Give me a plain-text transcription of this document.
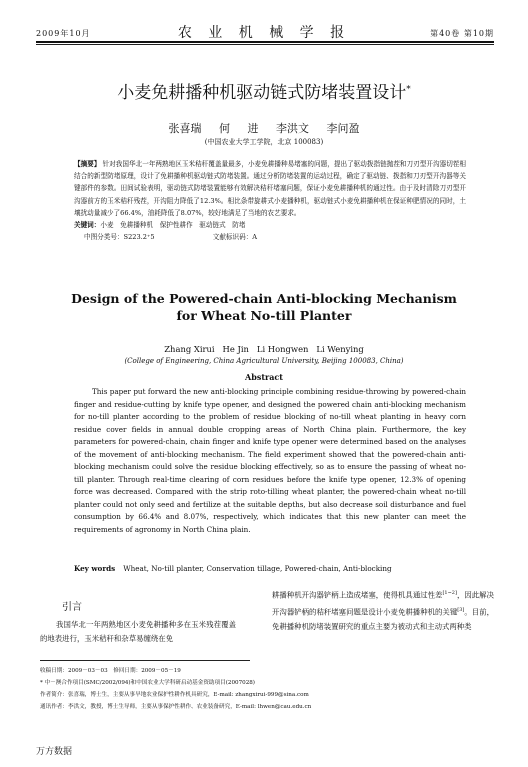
2009年10月	农 业 机 械 学 报	第40卷 第10期
小麦免耕播种机驱动链式防堵装置设计*
张喜瑞 何 进 李洪文 李问盈
(中国农业大学工学院，北京 100083)
【摘要】 针对我国华北一年两熟地区玉米秸秆覆盖量最多，小麦免耕播种易堵塞的问题，提出了驱动拨指链抛茬和刀刃型开沟器切茬相结合的新型防堵原理，设计了免耕播种机驱动链式防堵装置。通过分析防堵装置的运动过程，确定了驱动链、拨指和刀刃型开沟器等关键部件的参数。田间试验表明，驱动链式防堵装置能够有效解决秸秆堵塞问题，保证小麦免耕播种机的通过性。由于及时清除刀刃型开沟器前方的玉米秸秆残茬，开沟阻力降低了12.3%。相比条带旋耕式小麦播种机，驱动链式小麦免耕播种机在保证种肥情况的同时，土壤扰动量减少了66.4%，油耗降低了8.07%，较好地满足了当地的农艺要求。
关键词：小麦　免耕播种机　保护性耕作　驱动链式　防堵
中图分类号：S223.2⁺5	文献标识码：A
Design of the Powered-chain Anti-blocking Mechanism
for Wheat No-till Planter
Zhang Xirui   He Jin   Li Hongwen   Li Wenying
(College of Engineering, China Agricultural University, Beijing 100083, China)
Abstract
This paper put forward the new anti-blocking principle combining residue-throwing by powered-chain finger and residue-cutting by knife type opener, and designed the powered chain anti-blocking mechanism for no-till planter according to the problem of residue blocking of no-till wheat planting in heavy corn residue cover fields in annual double cropping areas of North China plain. Furthermore, the key parameters for powered-chain, chain finger and knife type opener were determined based on the analyses of the movement of anti-blocking mechanism. The field experiment showed that the powered-chain anti-blocking mechanism could solve the residue blocking effectively, so as to ensure the passing of wheat no-till planter. Through real-time clearing of corn residues before the knife type opener, 12.3% of opening force was decreased. Compared with the strip roto-tilling wheat planter, the powered-chain wheat no-till planter could not only seed and fertilize at the suitable depths, but also decrease soil disturbance and fuel consumption by 66.4% and 8.07%, respectively, which indicates that this new planter can meet the requirements of agronomy in North China plain.
Key words Wheat, No-till planter, Conservation tillage, Powered-chain, Anti-blocking
引言
我国华北一年两熟地区小麦免耕播种多在玉米残茬覆盖的地表进行，玉米秸秆和杂草易缠绕在免
耕播种机开沟器铲柄上造成堵塞，使得机具通过性差[1~2]，因此解决开沟器铲柄的秸秆堵塞问题是设计小麦免耕播种机的关键[3]。目前，免耕播种机防堵装置研究的重点主要为被动式和主动式两种类
收稿日期：2009－03－03　修回日期：2009－05－19
* 中－澳合作项目(SMC/2002/094)和中国农业大学科研启动基金资助项目(2007028)
作者简介：张喜瑞，博士生，主要从事旱地农业保护性耕作机具研究，E-mail: zhangxirui-999@sina.com
通讯作者：李洪文，教授，博士生导师，主要从事保护性耕作、农业装备研究，E-mail: lhwen@cau.edu.cn
万方数据
